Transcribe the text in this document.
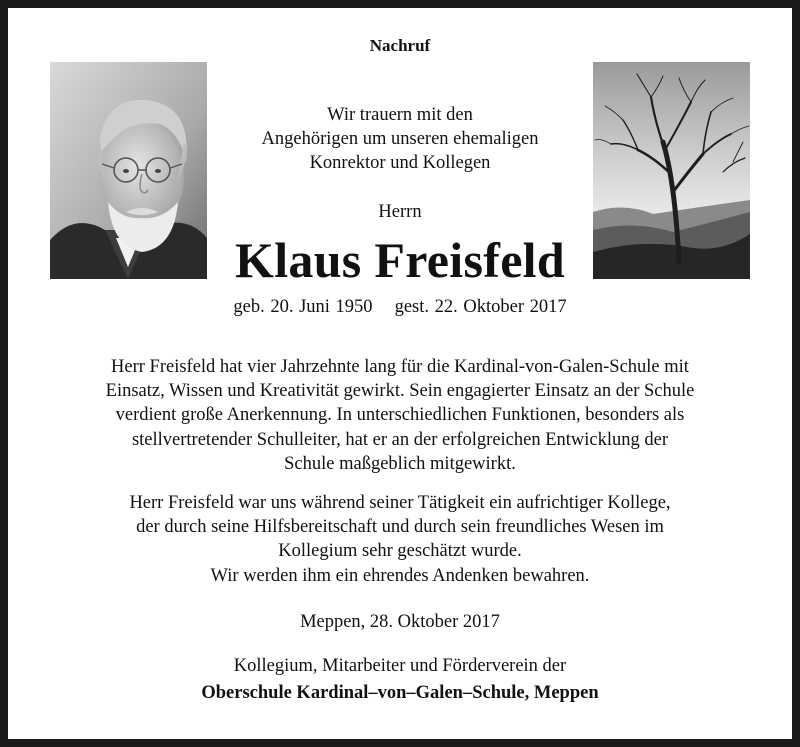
Nachruf
Wir trauern mit den
Angehörigen um unseren ehemaligen
Konrektor und Kollegen
Herrn
Klaus Freisfeld
geb. 20. Juni 1950 gest. 22. Oktober 2017
Herr Freisfeld hat vier Jahrzehnte lang für die Kardinal-von-Galen-Schule mit
Einsatz, Wissen und Kreativität gewirkt. Sein engagierter Einsatz an der Schule
verdient große Anerkennung. In unterschiedlichen Funktionen, besonders als
stellvertretender Schulleiter, hat er an der erfolgreichen Entwicklung der
Schule maßgeblich mitgewirkt.
Herr Freisfeld war uns während seiner Tätigkeit ein aufrichtiger Kollege,
der durch seine Hilfsbereitschaft und durch sein freundliches Wesen im
Kollegium sehr geschätzt wurde.
Wir werden ihm ein ehrendes Andenken bewahren.
Meppen, 28. Oktober 2017
Kollegium, Mitarbeiter und Förderverein der
Oberschule Kardinal–von–Galen–Schule, Meppen
